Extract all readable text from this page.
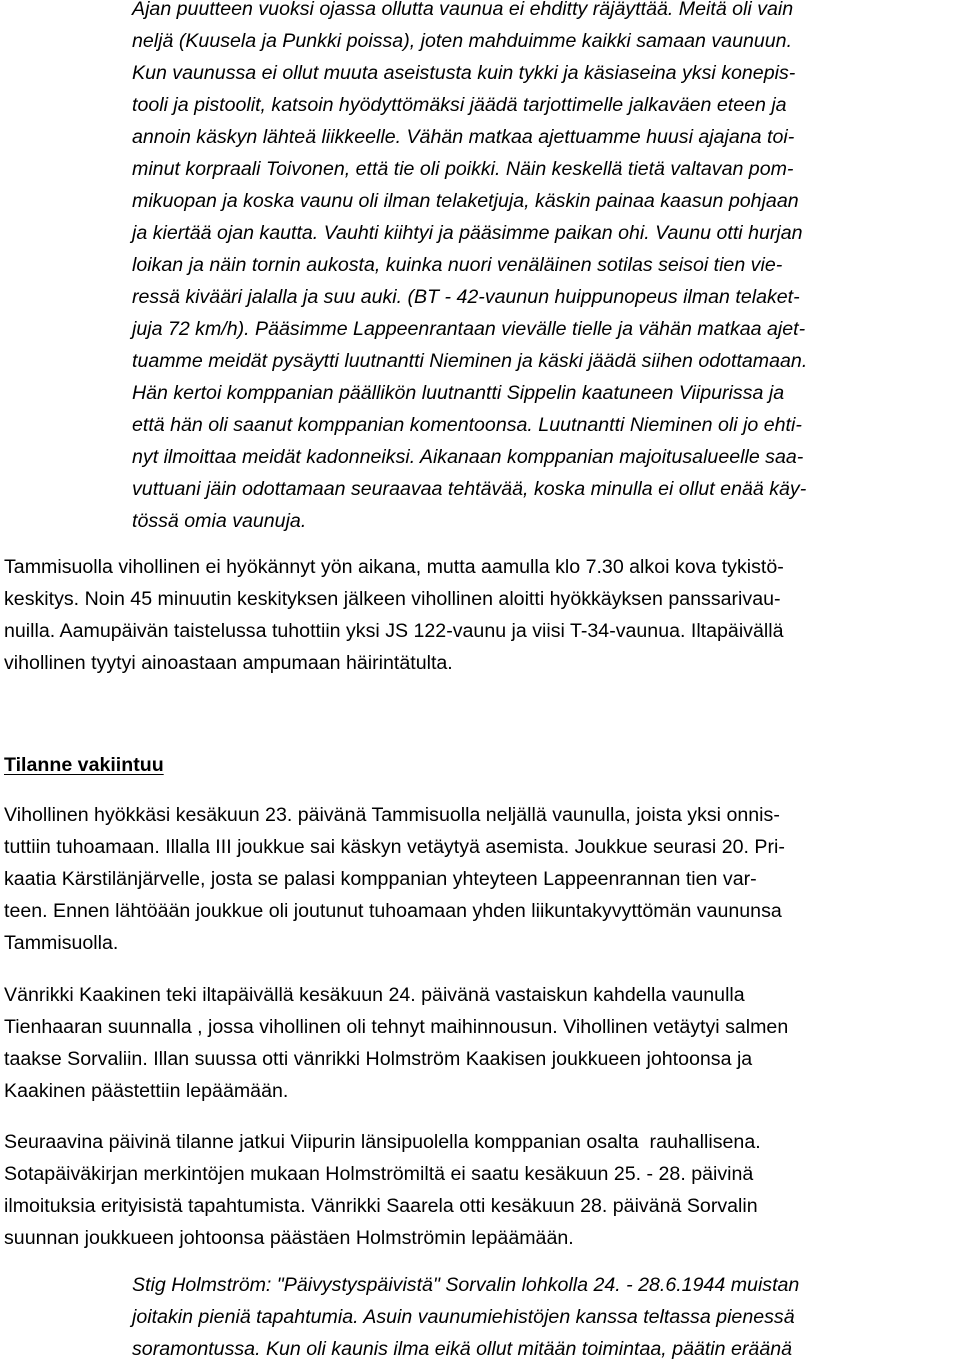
Ajan puutteen vuoksi ojassa ollutta vaunua ei ehditty räjäyttää. Meitä oli vain
neljä (Kuusela ja Punkki poissa), joten mahduimme kaikki samaan vaunuun.
Kun vaunussa ei ollut muuta aseistusta kuin tykki ja käsiaseina yksi konepis-
tooli ja pistoolit, katsoin hyödyttömäksi jäädä tarjottimelle jalkaväen eteen ja
annoin käskyn lähteä liikkeelle. Vähän matkaa ajettuamme huusi ajajana toi-
minut korpraali Toivonen, että tie oli poikki. Näin keskellä tietä valtavan pom-
mikuopan ja koska vaunu oli ilman telaketjuja, käskin painaa kaasun pohjaan
ja kiertää ojan kautta. Vauhti kiihtyi ja pääsimme paikan ohi. Vaunu otti hurjan
loikan ja näin tornin aukosta, kuinka nuori venäläinen sotilas seisoi tien vie-
ressä kivääri jalalla ja suu auki. (BT - 42-vaunun huippunopeus ilman telaket-
juja 72 km/h). Pääsimme Lappeenrantaan vievälle tielle ja vähän matkaa ajet-
tuamme meidät pysäytti luutnantti Nieminen ja käski jäädä siihen odottamaan.
Hän kertoi komppanian päällikön luutnantti Sippelin kaatuneen Viipurissa ja
että hän oli saanut komppanian komentoonsa. Luutnantti Nieminen oli jo ehti-
nyt ilmoittaa meidät kadonneiksi. Aikanaan komppanian majoitusalueelle saa-
vuttuani jäin odottamaan seuraavaa tehtävää, koska minulla ei ollut enää käy-
tössä omia vaunuja.

Tammisuolla vihollinen ei hyökännyt yön aikana, mutta aamulla klo 7.30 alkoi kova tykistö-
keskitys. Noin 45 minuutin keskityksen jälkeen vihollinen aloitti hyökkäyksen panssarivau-
nuilla. Aamupäivän taistelussa tuhottiin yksi JS 122-vaunu ja viisi T-34-vaunua. Iltapäivällä
vihollinen tyytyi ainoastaan ampumaan häirintätulta.

Tilanne vakiintuu

Vihollinen hyökkäsi kesäkuun 23. päivänä Tammisuolla neljällä vaunulla, joista yksi onnis-
tuttiin tuhoamaan. Illalla III joukkue sai käskyn vetäytyä asemista. Joukkue seurasi 20. Pri-
kaatia Kärstilänjärvelle, josta se palasi komppanian yhteyteen Lappeenrannan tien var-
teen. Ennen lähtöään joukkue oli joutunut tuhoamaan yhden liikuntakyvyttömän vaununsa
Tammisuolla.

Vänrikki Kaakinen teki iltapäivällä kesäkuun 24. päivänä vastaiskun kahdella vaunulla
Tienhaaran suunnalla , jossa vihollinen oli tehnyt maihinnousun. Vihollinen vetäytyi salmen
taakse Sorvaliin. Illan suussa otti vänrikki Holmström Kaakisen joukkueen johtoonsa ja
Kaakinen päästettiin lepäämään.

Seuraavina päivinä tilanne jatkui Viipurin länsipuolella komppanian osalta  rauhallisena.
Sotapäiväkirjan merkintöjen mukaan Holmströmiltä ei saatu kesäkuun 25. - 28. päivinä
ilmoituksia erityisistä tapahtumista. Vänrikki Saarela otti kesäkuun 28. päivänä Sorvalin
suunnan joukkueen johtoonsa päästäen Holmströmin lepäämään.

Stig Holmström: "Päivystyspäivistä" Sorvalin lohkolla 24. - 28.6.1944 muistan
joitakin pieniä tapahtumia. Asuin vaunumiehistöjen kanssa teltassa pienessä
soramontussa. Kun oli kaunis ilma eikä ollut mitään toimintaa, päätin eräänä
